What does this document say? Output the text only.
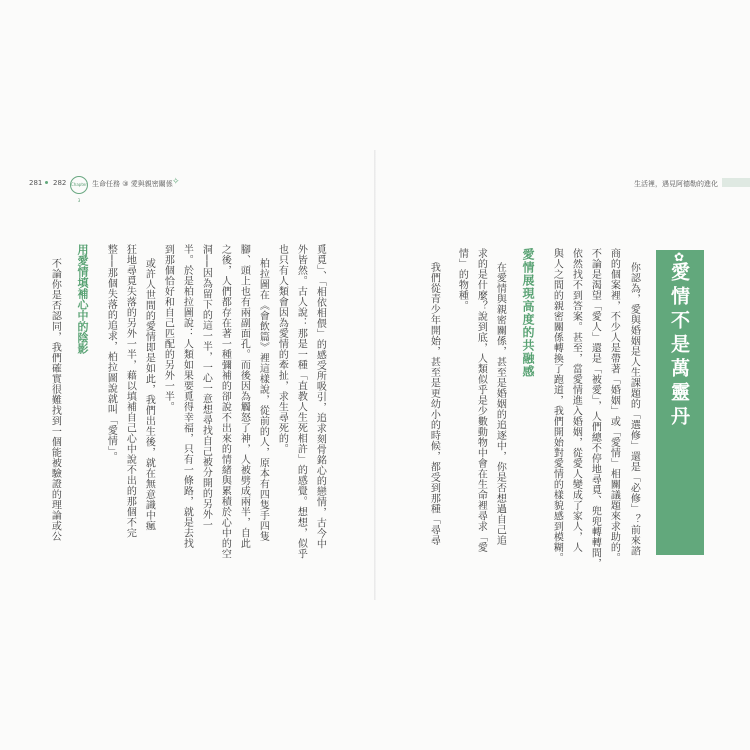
281 282 Chapter 3
生命任務 ③ 愛與親密關係 ✧	生活裡，遇見阿德勒的進化
✿
愛情不是萬靈丹
你認為，愛與婚姻是人生課題的「選修」還是「必修」？前來諮
商的個案裡，不少人是帶著「婚姻」或「愛情」相關議題來求助的。
不論是渴望「愛人」還是「被愛」，人們總不停地尋覓、兜兜轉轉間，
依然找不到答案。甚至，當愛情進入婚姻，從愛人變成了家人，人
與人之間的親密關係轉換了跑道，我們開始對愛情的樣貌感到模糊。
愛情展現高度的共融感
在愛情與親密關係，甚至是婚姻的追逐中，你是否想過自己追
求的是什麼？說到底，人類似乎是少數動物中會在生命裡尋求「愛
情」的物種。
我們從青少年開始，甚至是更幼小的時候，都受到那種「尋尋
覓覓」、「相依相偎」的感受所吸引，追求刻骨銘心的戀情，古今中
外皆然。古人說：那是一種「直教人生死相許」的感覺。想想，似乎
也只有人類會因為愛情的牽扯，求生尋死的。
柏拉圖在《會飲篇》裡這樣說，從前的人，原本有四隻手四隻
腳、頭上也有兩副面孔。而後因為觸怒了神，人被劈成兩半，自此
之後，人們都存在著一種彌補的卻說不出來的情緒與累積於心中的空
洞──因為留下的這一半，一心一意想尋找自己被分開的另外一
半。於是柏拉圖說：人類如果要覓得幸福，只有一條路，就是去找
到那個恰好和自己匹配的另外一半。
或許人世間的愛情即是如此，我們出生後，就在無意識中瘋
狂地尋覓失落的另外一半，藉以填補自己心中說不出的那個不完
整──那個失落的追求，柏拉圖說就叫「愛情」。
用愛情填補心中的陰影
不論你是否認同，我們確實很難找到一個能被驗證的理論或公
